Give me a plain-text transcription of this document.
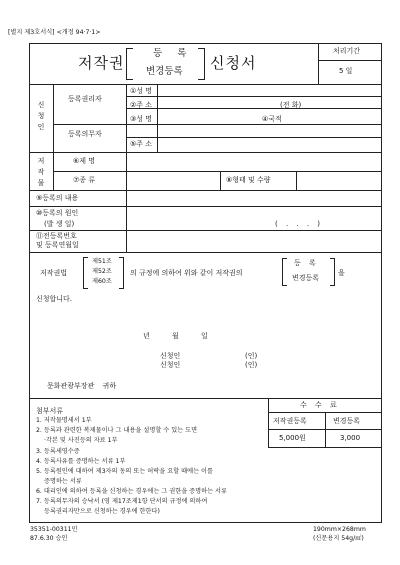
[별지 제3호서식] <개정 94·7·1>
저작권
등 록
변경등록 신청서
처리기간
5 일
신 청 인
등록권리자
등록의무자
①성 명
②주 소	(전 화)
③성 명	④국적
⑤주 소
저 작 물
⑥제 명
⑦종 류	⑧형태 및 수량
⑨등록의 내용
⑩등록의 원인
(발 생 일)	( . . . )
⑪전등록번호
및 등록연월일
저작권법
제51조
제52조
제60조
의 규정에 의하여 위와 같이 저작권의
등 록
변경등록
을
신청합니다.
년 월 일
신청인	(인)
신청인	(인)
문화관광부장관 귀하
첨부서류
1. 저작물명세서 1부
2. 등록과 관련한 복제물이나 그 내용을 설명할 수 있는 도면
·각본 및 사진등의 자료 1부
3. 등록세영수증
4. 등록사유를 증명하는 서류 1부
5. 등록원인에 대하여 제3자의 동의 또는 허락을 요할 때에는 이를
증명하는 서류
6. 대리인에 의하여 등록을 신청하는 경우에는 그 권한을 증명하는 서류
7. 등록의무자의 승낙서 (영 제17조제1항 단서의 규정에 의하여
등록권리자만으로 신청하는 경우에 한한다)
수 수 료
저작권등록	변경등록
5,000원	3,000
35351-00311민
87.6.30 승인
190mm×268mm
(신문용지 54g/㎡)
